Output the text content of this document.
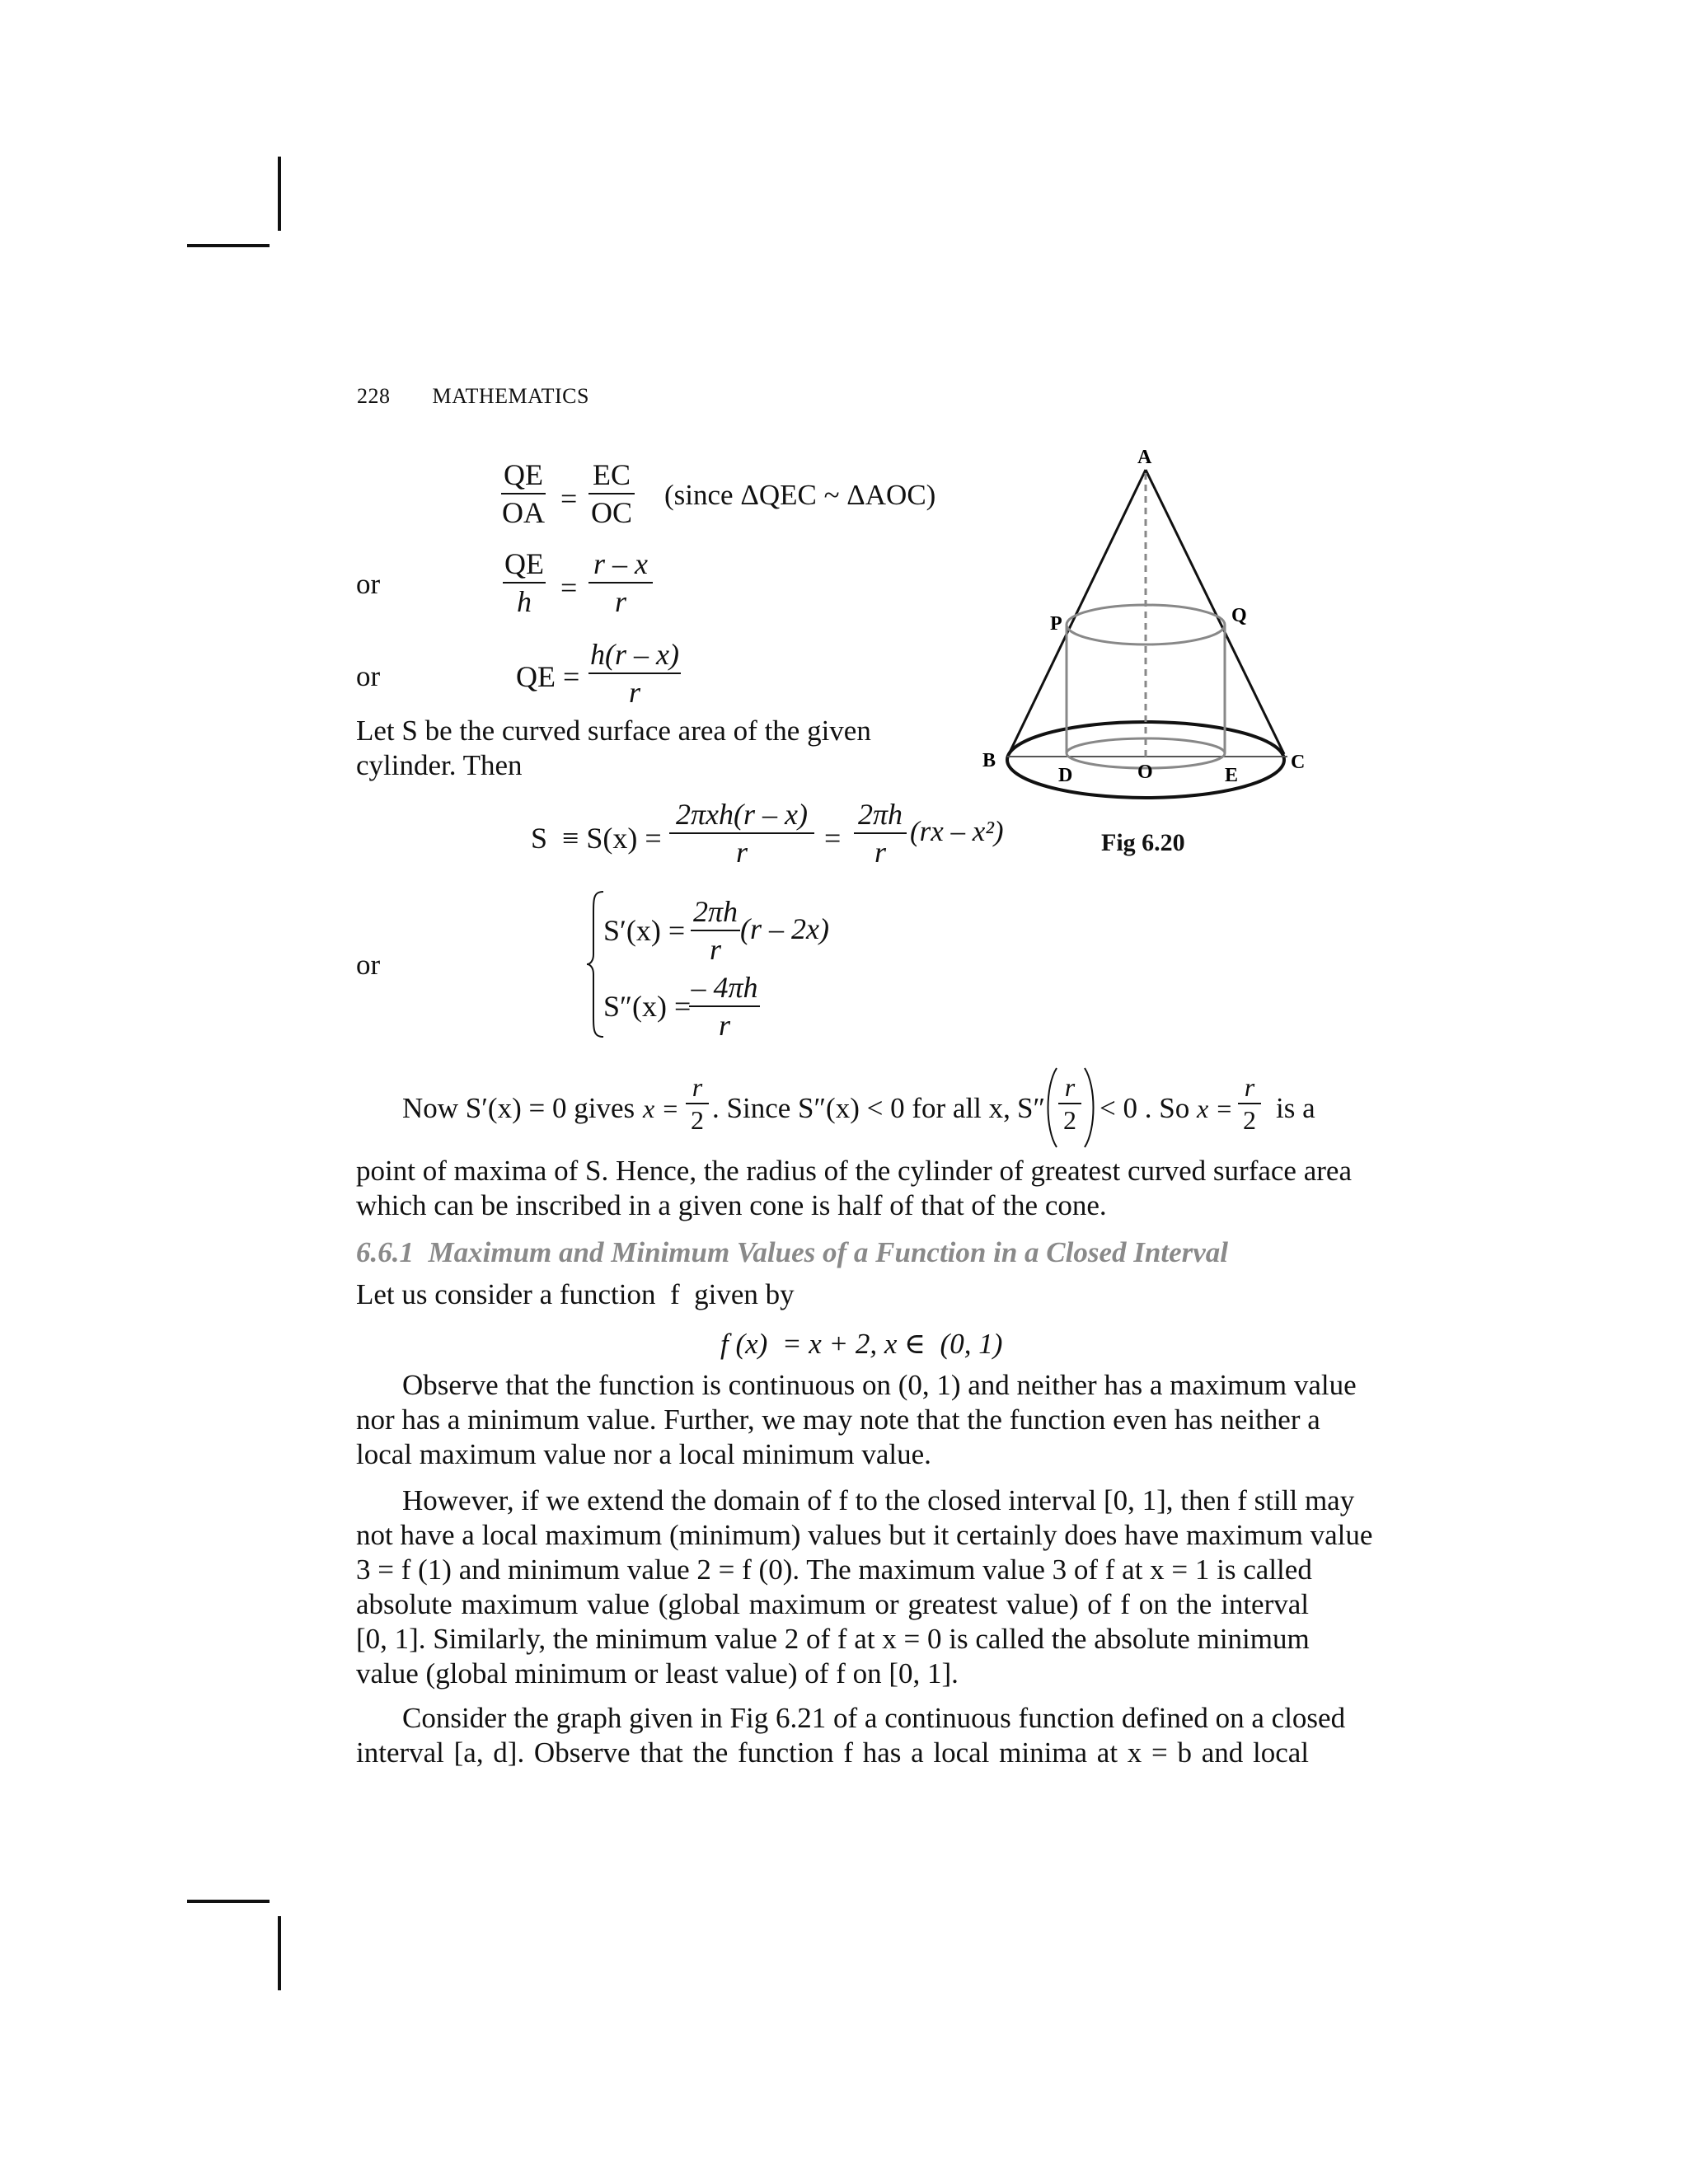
228 MATHEMATICS
QE
OA =
EC
OC
(since ΔQEC ~ ΔAOC)
or
QE
h =
r – x
r
or	QE =
h(r – x)
r
Let S be the curved surface area of the given
cylinder. Then
S  ≡ S(x) =
2πxh(r – x)
r	=
2πh
r
(rx – x²)
or
S′(x) =
2πh
r
(r – 2x)
S″(x) =
– 4πh
r
Now S′(x) = 0 gives x =
r
2 . Since S″(x) < 0 for all x, S″
r
2 < 0 . So x =
r
2 is a
point of maxima of S. Hence, the radius of the cylinder of greatest curved surface area
which can be inscribed in a given cone is half of that of the cone.
6.6.1  Maximum and Minimum Values of a Function in a Closed Interval
Let us consider a function  f  given by
f (x)  = x + 2, x ∈  (0, 1)
Observe that the function is continuous on (0, 1) and neither has a maximum value
nor has a minimum value. Further, we may note that the function even has neither a
local maximum value nor a local minimum value.
However, if we extend the domain of f to the closed interval [0, 1], then f still may
not have a local maximum (minimum) values but it certainly does have maximum value
3 = f (1) and minimum value 2 = f (0). The maximum value 3 of f at x = 1 is called
absolute maximum value (global maximum or greatest value) of f on the interval
[0, 1]. Similarly, the minimum value 2 of f at x = 0 is called the absolute minimum
value (global minimum or least value) of f on [0, 1].
Consider the graph given in Fig 6.21 of a continuous function defined on a closed
interval [a, d]. Observe that the function f has a local minima at x = b and local
A
P	Q
B	C
D	O	E
Fig 6.20
